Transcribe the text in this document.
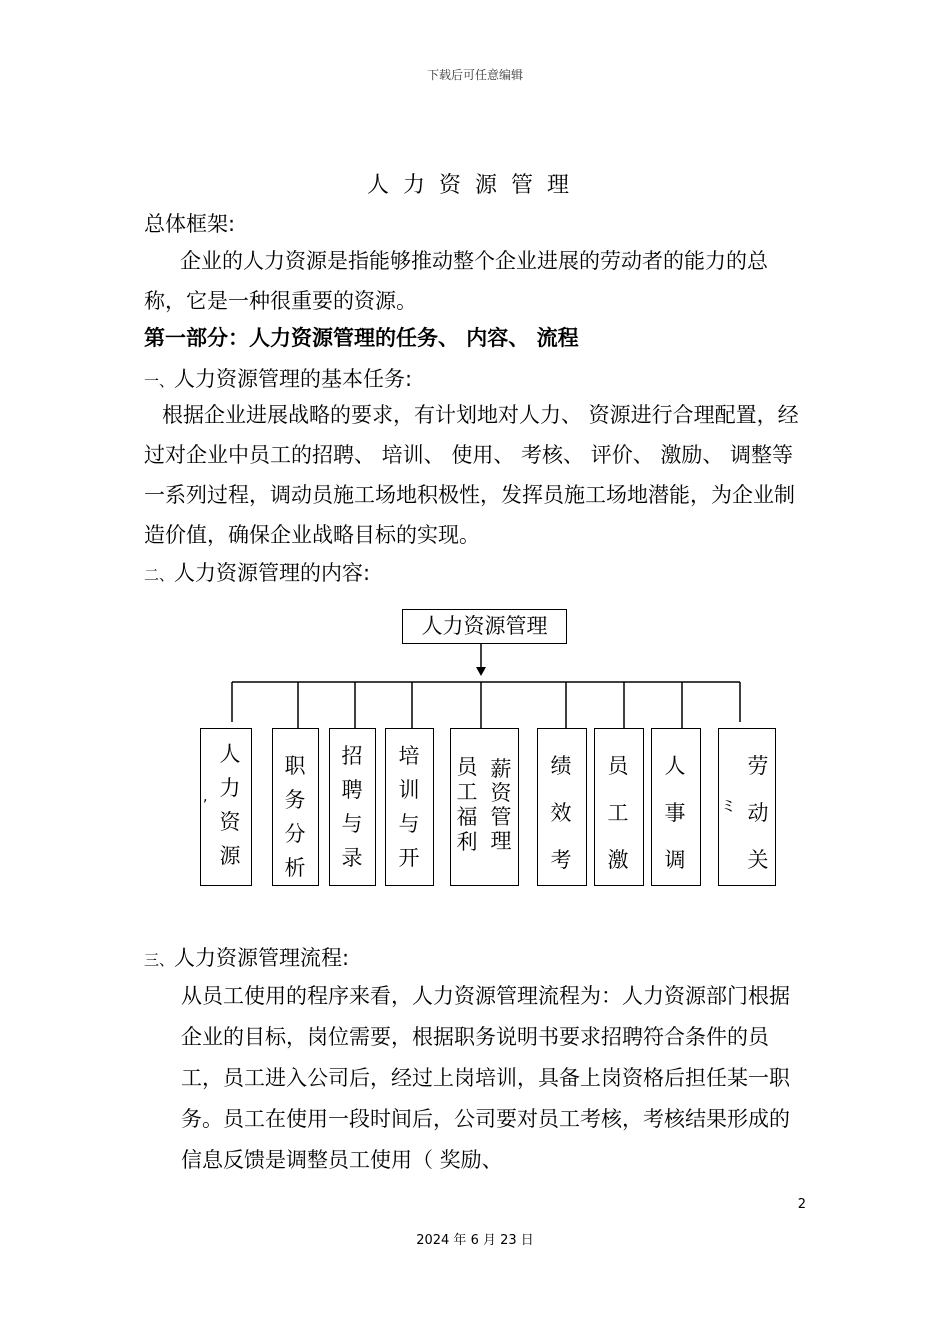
下载后可任意编辑
人力资源管理
总体框架:
企业的人力资源是指能够推动整个企业进展的劳动者的能力的总称，它是一种很重要的资源。
第一部分：人力资源管理的任务、 内容、 流程
一、人力资源管理的基本任务:
根据企业进展战略的要求，有计划地对人力、 资源进行合理配置，经过对企业中员工的招聘、 培训、 使用、 考核、 评价、 激励、 调整等一系列过程，调动员施工场地积极性，发挥员施工场地潜能，为企业制造价值，确保企业战略目标的实现。
二、人力资源管理的内容:
人力资源管理
人力资源
,
职务分析
招聘与录
培训与开
员工福利
薪资管理
绩效考
员工激
人事调
ミ
劳动关
三、人力资源管理流程:
从员工使用的程序来看，人力资源管理流程为：人力资源部门根据企业的目标，岗位需要，根据职务说明书要求招聘符合条件的员工，员工进入公司后，经过上岗培训，具备上岗资格后担任某一职务。员工在使用一段时间后，公司要对员工考核，考核结果形成的信息反馈是调整员工使用（ 奖励、
2
2024 年 6 月 23 日
